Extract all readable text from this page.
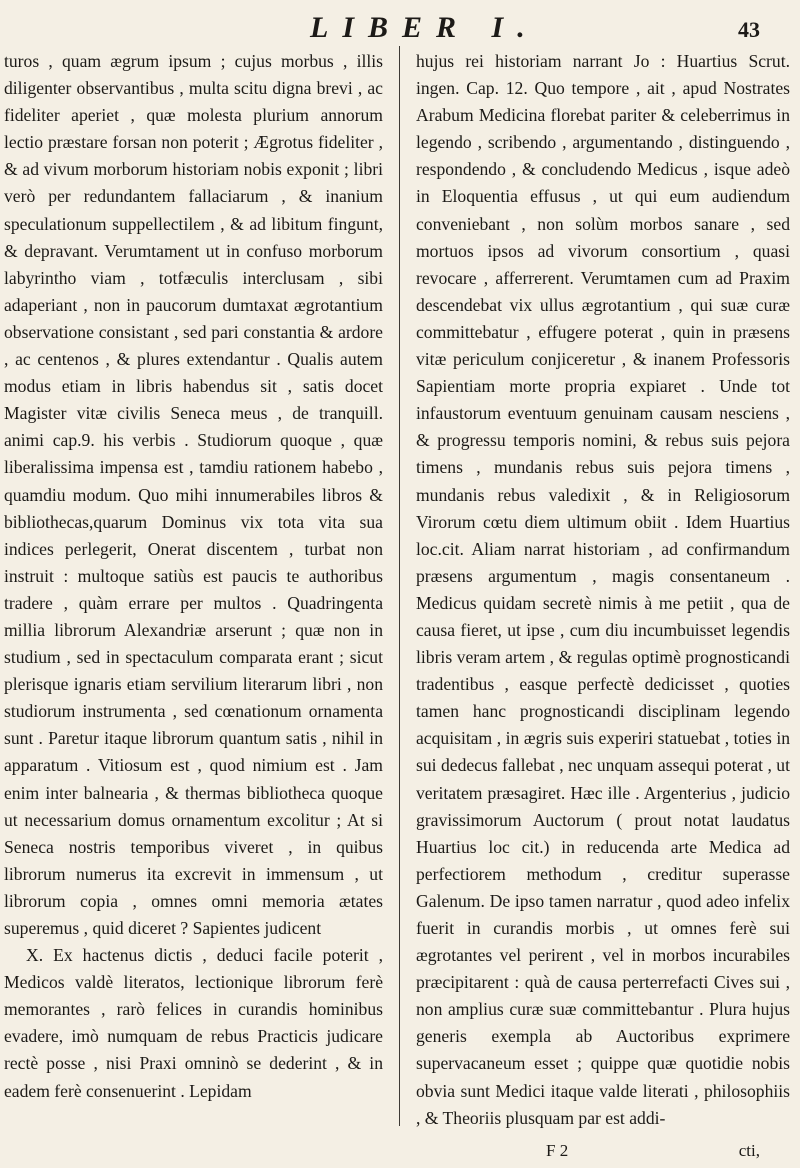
LIBER I.	43

turos , quam ægrum ipsum ; cujus morbus , illis diligenter observantibus , multa scitu digna brevi , ac fideliter aperiet , quæ molesta plurium annorum lectio præstare forsan non poterit ; Ægrotus fideliter , & ad vivum morborum historiam nobis exponit ; libri verò per redundantem fallaciarum , & inanium speculationum suppellectilem , & ad libitum fingunt, & depravant. Verumtament ut in confuso morborum labyrintho viam , totfæculis interclusam , sibi adaperiant , non in paucorum dumtaxat ægrotantium observatione consistant , sed pari constantia & ardore , ac centenos , & plures extendantur . Qualis autem modus etiam in libris habendus sit , satis docet Magister vitæ civilis Seneca meus , de tranquill. animi cap.9. his verbis . Studiorum quoque , quæ liberalissima impensa est , tamdiu rationem habebo , quamdiu modum. Quo mihi innumerabiles libros & bibliothecas,quarum Dominus vix tota vita sua indices perlegerit, Onerat discentem , turbat non instruit : multoque satiùs est paucis te authoribus tradere , quàm errare per multos . Quadringenta millia librorum Alexandriæ arserunt ; quæ non in studium , sed in spectaculum comparata erant ; sicut plerisque ignaris etiam servilium literarum libri , non studiorum instrumenta , sed cœnationum ornamenta sunt . Paretur itaque librorum quantum satis , nihil in apparatum . Vitiosum est , quod nimium est . Jam enim inter balnearia , & thermas bibliotheca quoque ut necessarium domus ornamentum excolitur ; At si Seneca nostris temporibus viveret , in quibus librorum numerus ita excrevit in immensum , ut librorum copia , omnes omni memoria ætates superemus , quid diceret ? Sapientes judicent

X. Ex hactenus dictis , deduci facile poterit , Medicos valdè literatos, lectionique librorum ferè memorantes , rarò felices in curandis hominibus evadere, imò numquam de rebus Practicis judicare rectè posse , nisi Praxi omninò se dederint , & in eadem ferè consenuerint . Lepidam

hujus rei historiam narrant Jo : Huartius Scrut. ingen. Cap. 12. Quo tempore , ait , apud Nostrates Arabum Medicina florebat pariter & celeberrimus in legendo , scribendo , argumentando , distinguendo , respondendo , & concludendo Medicus , isque adeò in Eloquentia effusus , ut qui eum audiendum conveniebant , non solùm morbos sanare , sed mortuos ipsos ad vivorum consortium , quasi revocare , afferrerent. Verumtamen cum ad Praxim descendebat vix ullus ægrotantium , qui suæ curæ committebatur , effugere poterat , quin in præsens vitæ periculum conjiceretur , & inanem Professoris Sapientiam morte propria expiaret . Unde tot infaustorum eventuum genuinam causam nesciens , & progressu temporis nomini, & rebus suis pejora timens , mundanis rebus suis pejora timens , mundanis rebus valedixit , & in Religiosorum Virorum cœtu diem ultimum obiit . Idem Huartius loc.cit. Aliam narrat historiam , ad confirmandum præsens argumentum , magis consentaneum . Medicus quidam secretè nimis à me petiit , qua de causa fieret, ut ipse , cum diu incumbuisset legendis libris veram artem , & regulas optimè prognosticandi tradentibus , easque perfectè dedicisset , quoties tamen hanc prognosticandi disciplinam legendo acquisitam , in ægris suis experiri statuebat , toties in sui dedecus fallebat , nec unquam assequi poterat , ut veritatem præsagiret. Hæc ille . Argenterius , judicio gravissimorum Auctorum ( prout notat laudatus Huartius loc cit.) in reducenda arte Medica ad perfectiorem methodum , creditur superasse Galenum. De ipso tamen narratur , quod adeo infelix fuerit in curandis morbis , ut omnes ferè sui ægrotantes vel perirent , vel in morbos incurabiles præcipitarent : quà de causa perterrefacti Cives sui , non amplius curæ suæ committebantur . Plura hujus generis exempla ab Auctoribus exprimere supervacaneum esset ; quippe quæ quotidie nobis obvia sunt Medici itaque valde literati , philosophiis , & Theoriis plusquam par est addi-

F 2	cti,
